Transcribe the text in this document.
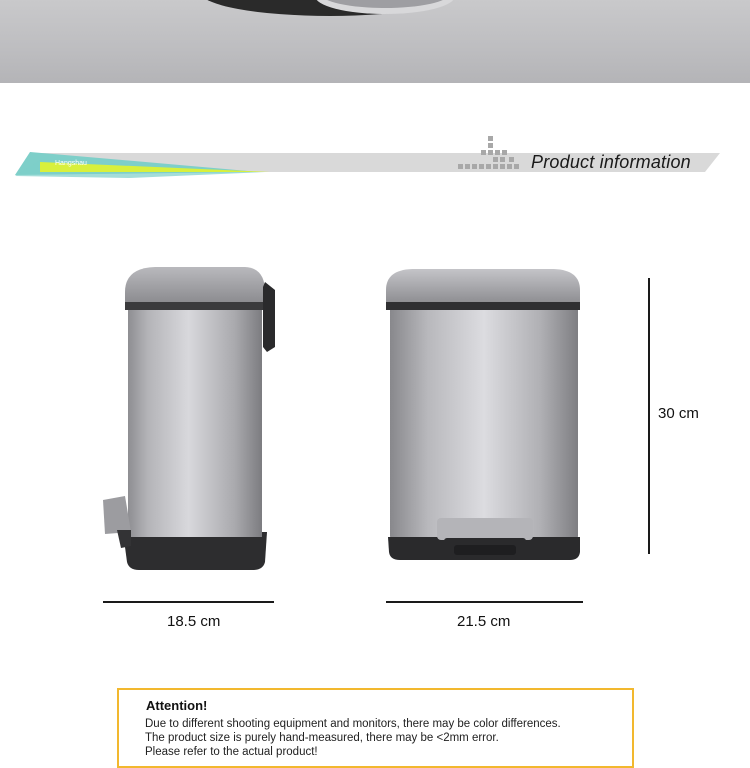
Hangshau	Product information
18.5 cm	21.5 cm
30 cm
Attention!
Due to different shooting equipment and monitors, there may be color differences.
The product size is purely hand-measured, there may be <2mm error.
Please refer to the actual product!
